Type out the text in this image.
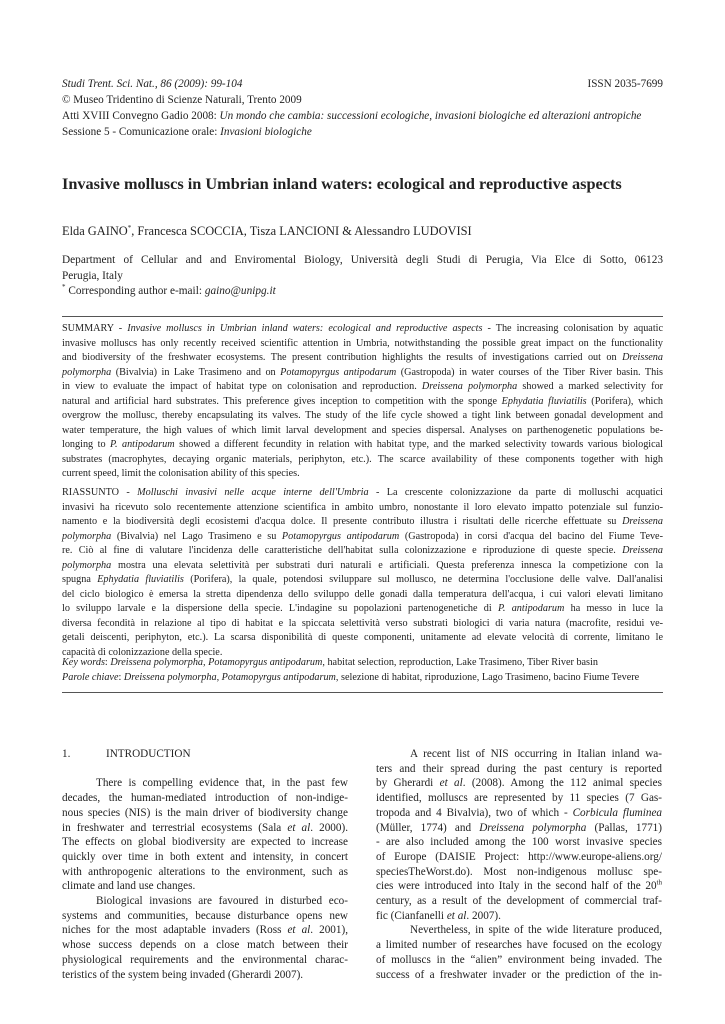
Studi Trent. Sci. Nat., 86 (2009): 99-104	ISSN 2035-7699
© Museo Tridentino di Scienze Naturali, Trento 2009
Atti XVIII Convegno Gadio 2008: Un mondo che cambia: successioni ecologiche, invasioni biologiche ed alterazioni antropiche
Sessione 5 - Comunicazione orale: Invasioni biologiche
Invasive molluscs in Umbrian inland waters: ecological and reproductive aspects
Elda GAINO*, Francesca SCOCCIA, Tisza LANCIONI & Alessandro LUDOVISI
Department of Cellular and and Enviromental Biology, Università degli Studi di Perugia, Via Elce di Sotto, 06123
Perugia, Italy
* Corresponding author e-mail: gaino@unipg.it
SUMMARY - Invasive molluscs in Umbrian inland waters: ecological and reproductive aspects - The increasing colonisation by aquatic
invasive molluscs has only recently received scientific attention in Umbria, notwithstanding the possible great impact on the functionality
and biodiversity of the freshwater ecosystems. The present contribution highlights the results of investigations carried out on Dreissena
polymorpha (Bivalvia) in Lake Trasimeno and on Potamopyrgus antipodarum (Gastropoda) in water courses of the Tiber River basin. This
in view to evaluate the impact of habitat type on colonisation and reproduction. Dreissena polymorpha showed a marked selectivity for
natural and artificial hard substrates. This preference gives inception to competition with the sponge Ephydatia fluviatilis (Porifera), which
overgrow the mollusc, thereby encapsulating its valves. The study of the life cycle showed a tight link between gonadal development and
water temperature, the high values of which limit larval development and species dispersal. Analyses on parthenogenetic populations be-
longing to P. antipodarum showed a different fecundity in relation with habitat type, and the marked selectivity towards various biological
substrates (macrophytes, decaying organic materials, periphyton, etc.). The scarce availability of these components together with high
current speed, limit the colonisation ability of this species.
RIASSUNTO - Molluschi invasivi nelle acque interne dell'Umbria - La crescente colonizzazione da parte di molluschi acquatici
invasivi ha ricevuto solo recentemente attenzione scientifica in ambito umbro, nonostante il loro elevato impatto potenziale sul funzio-
namento e la biodiversità degli ecosistemi d'acqua dolce. Il presente contributo illustra i risultati delle ricerche effettuate su Dreissena
polymorpha (Bivalvia) nel Lago Trasimeno e su Potamopyrgus antipodarum (Gastropoda) in corsi d'acqua del bacino del Fiume Teve-
re. Ciò al fine di valutare l'incidenza delle caratteristiche dell'habitat sulla colonizzazione e riproduzione di queste specie. Dreissena
polymorpha mostra una elevata selettività per substrati duri naturali e artificiali. Questa preferenza innesca la competizione con la
spugna Ephydatia fluviatilis (Porifera), la quale, potendosi sviluppare sul mollusco, ne determina l'occlusione delle valve. Dall'analisi
del ciclo biologico è emersa la stretta dipendenza dello sviluppo delle gonadi dalla temperatura dell'acqua, i cui valori elevati limitano
lo sviluppo larvale e la dispersione della specie. L'indagine su popolazioni partenogenetiche di P. antipodarum ha messo in luce la
diversa fecondità in relazione al tipo di habitat e la spiccata selettività verso substrati biologici di varia natura (macrofite, residui ve-
getali deiscenti, periphyton, etc.). La scarsa disponibilità di queste componenti, unitamente ad elevate velocità di corrente, limitano le
capacità di colonizzazione della specie.
Key words: Dreissena polymorpha, Potamopyrgus antipodarum, habitat selection, reproduction, Lake Trasimeno, Tiber River basin
Parole chiave: Dreissena polymorpha, Potamopyrgus antipodarum, selezione di habitat, riproduzione, Lago Trasimeno, bacino Fiume Tevere
1.	INTRODUCTION
There is compelling evidence that, in the past few
decades, the human-mediated introduction of non-indige-
nous species (NIS) is the main driver of biodiversity change
in freshwater and terrestrial ecosystems (Sala et al. 2000).
The effects on global biodiversity are expected to increase
quickly over time in both extent and intensity, in concert
with anthropogenic alterations to the environment, such as
climate and land use changes.
Biological invasions are favoured in disturbed eco-
systems and communities, because disturbance opens new
niches for the most adaptable invaders (Ross et al. 2001),
whose success depends on a close match between their
physiological requirements and the environmental charac-
teristics of the system being invaded (Gherardi 2007).
A recent list of NIS occurring in Italian inland wa-
ters and their spread during the past century is reported
by Gherardi et al. (2008). Among the 112 animal species
identified, molluscs are represented by 11 species (7 Gas-
tropoda and 4 Bivalvia), two of which - Corbicula fluminea
(Müller, 1774) and Dreissena polymorpha (Pallas, 1771)
- are also included among the 100 worst invasive species
of Europe (DAISIE Project: http://www.europe-aliens.org/
speciesTheWorst.do). Most non-indigenous mollusc spe-
cies were introduced into Italy in the second half of the 20th
century, as a result of the development of commercial traf-
fic (Cianfanelli et al. 2007).
Nevertheless, in spite of the wide literature produced,
a limited number of researches have focused on the ecology
of molluscs in the “alien” environment being invaded. The
success of a freshwater invader or the prediction of the in-
